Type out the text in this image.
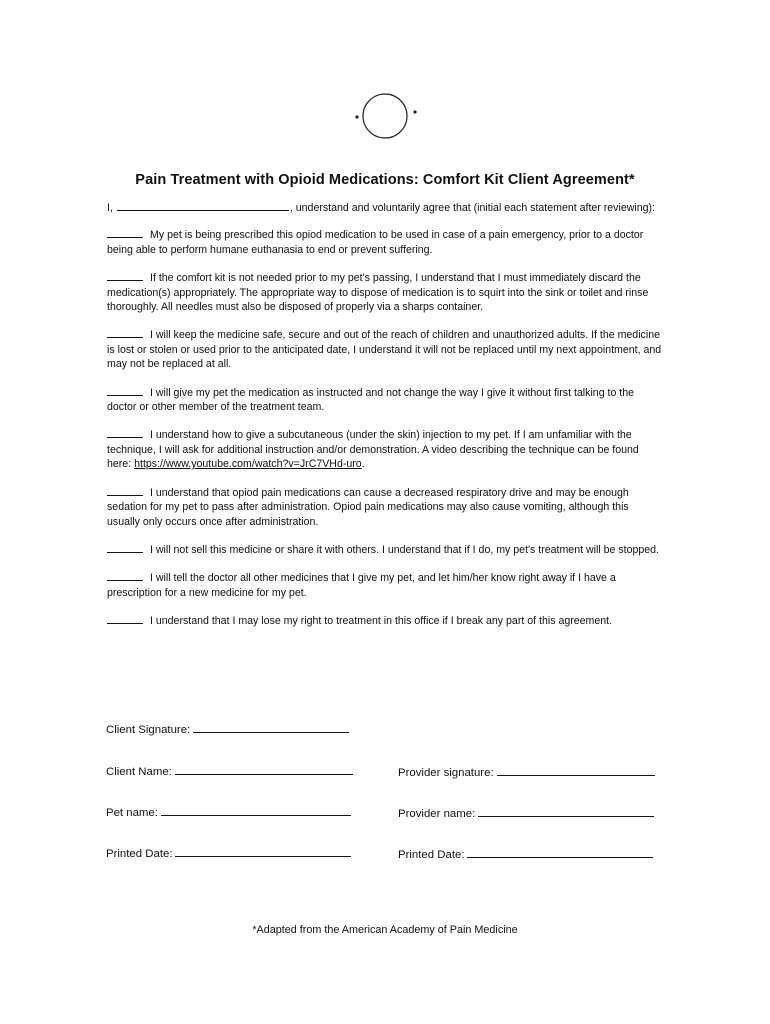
Pain Treatment with Opioid Medications: Comfort Kit Client Agreement*

I,	, understand and voluntarily agree that (initial each statement after reviewing):

My pet is being prescribed this opiod medication to be used in case of a pain emergency, prior to a doctor being able to perform humane euthanasia to end or prevent suffering.

If the comfort kit is not needed prior to my pet's passing, I understand that I must immediately discard the medication(s) appropriately. The appropriate way to dispose of medication is to squirt into the sink or toilet and rinse thoroughly. All needles must also be disposed of properly via a sharps container.

I will keep the medicine safe, secure and out of the reach of children and unauthorized adults. If the medicine is lost or stolen or used prior to the anticipated date, I understand it will not be replaced until my next appointment, and may not be replaced at all.

I will give my pet the medication as instructed and not change the way I give it without first talking to the doctor or other member of the treatment team.

I understand how to give a subcutaneous (under the skin) injection to my pet. If I am unfamiliar with the technique, I will ask for additional instruction and/or demonstration. A video describing the technique can be found here: https://www.youtube.com/watch?v=JrC7VHd-uro.

I understand that opiod pain medications can cause a decreased respiratory drive and may be enough sedation for my pet to pass after administration. Opiod pain medications may also cause vomiting, although this usually only occurs once after administration.

I will not sell this medicine or share it with others. I understand that if I do, my pet's treatment will be stopped.

I will tell the doctor all other medicines that I give my pet, and let him/her know right away if I have a prescription for a new medicine for my pet.

I understand that I may lose my right to treatment in this office if I break any part of this agreement.

Client Signature:
Client Name:	Provider signature:
Pet name:	Provider name:
Printed Date:	Printed Date:
*Adapted from the American Academy of Pain Medicine
